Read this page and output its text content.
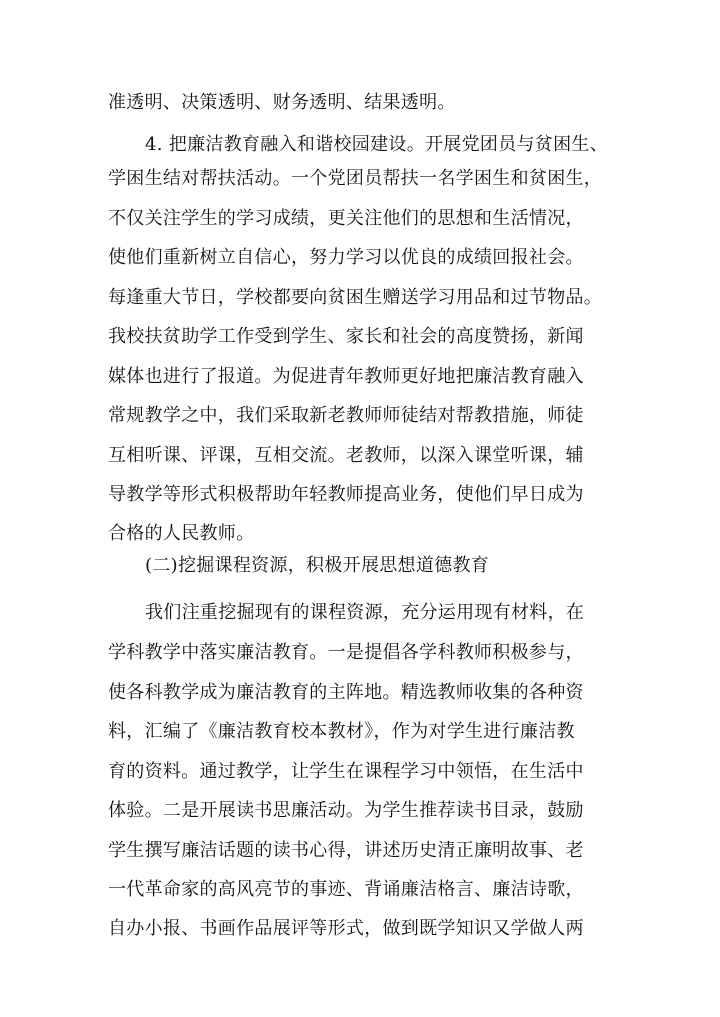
准透明、决策透明、财务透明、结果透明。
4. 把廉洁教育融入和谐校园建设。开展党团员与贫困生、
学困生结对帮扶活动。一个党团员帮扶一名学困生和贫困生，
不仅关注学生的学习成绩，更关注他们的思想和生活情况，
使他们重新树立自信心，努力学习以优良的成绩回报社会。
每逢重大节日，学校都要向贫困生赠送学习用品和过节物品。
我校扶贫助学工作受到学生、家长和社会的高度赞扬，新闻
媒体也进行了报道。为促进青年教师更好地把廉洁教育融入
常规教学之中，我们采取新老教师师徒结对帮教措施，师徒
互相听课、评课，互相交流。老教师，以深入课堂听课，辅
导教学等形式积极帮助年轻教师提高业务，使他们早日成为
合格的人民教师。
(二)挖掘课程资源，积极开展思想道德教育
我们注重挖掘现有的课程资源，充分运用现有材料，在
学科教学中落实廉洁教育。一是提倡各学科教师积极参与，
使各科教学成为廉洁教育的主阵地。精选教师收集的各种资
料，汇编了《廉洁教育校本教材》，作为对学生进行廉洁教
育的资料。通过教学，让学生在课程学习中领悟，在生活中
体验。二是开展读书思廉活动。为学生推荐读书目录，鼓励
学生撰写廉洁话题的读书心得，讲述历史清正廉明故事、老
一代革命家的高风亮节的事迹、背诵廉洁格言、廉洁诗歌，
自办小报、书画作品展评等形式，做到既学知识又学做人两
